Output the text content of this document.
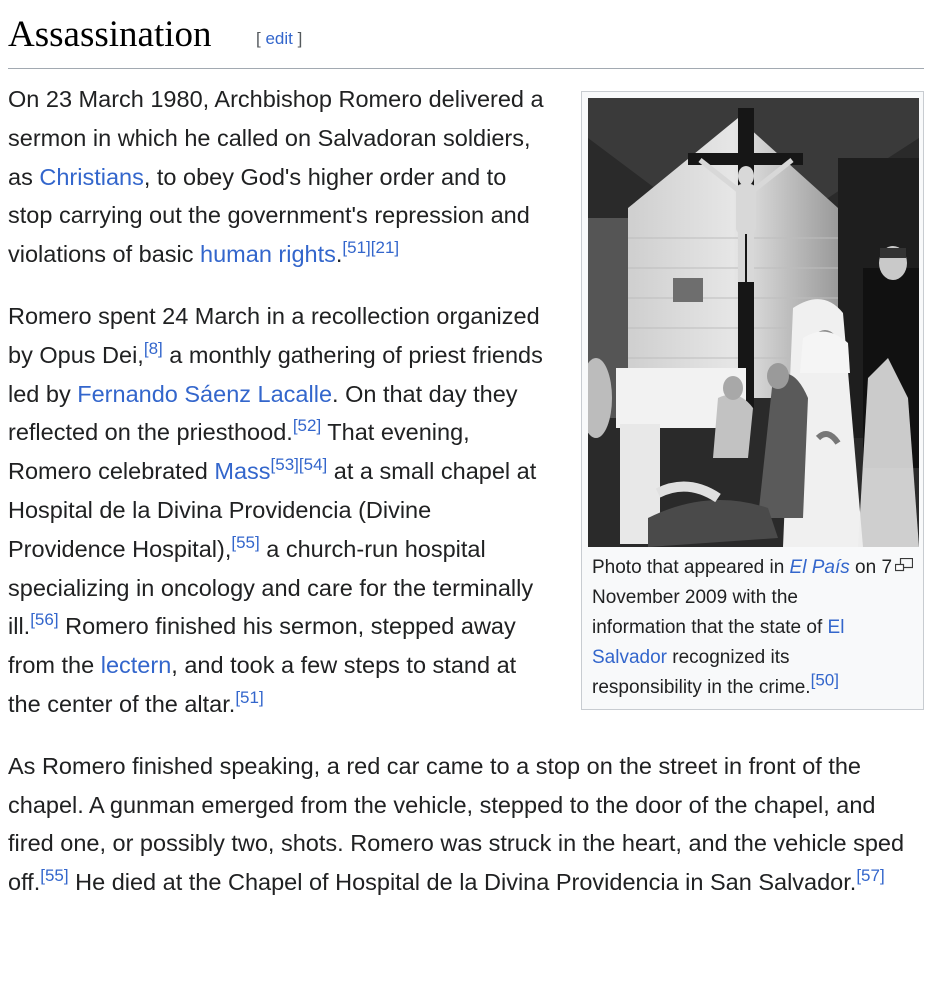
Assassination	[ edit ]
Photo that appeared in El País on 7 November 2009 with the information that the state of El Salvador recognized its responsibility in the crime.[50]

On 23 March 1980, Archbishop Romero delivered a sermon in which he called on Salvadoran soldiers, as Christians, to obey God's higher order and to stop carrying out the government's repression and violations of basic human rights.[51][21]

Romero spent 24 March in a recollection organized by Opus Dei,[8] a monthly gathering of priest friends led by Fernando Sáenz Lacalle. On that day they reflected on the priesthood.[52] That evening, Romero celebrated Mass[53][54] at a small chapel at Hospital de la Divina Providencia (Divine Providence Hospital),[55] a church-run hospital specializing in oncology and care for the terminally ill.[56] Romero finished his sermon, stepped away from the lectern, and took a few steps to stand at the center of the altar.[51]

As Romero finished speaking, a red car came to a stop on the street in front of the chapel. A gunman emerged from the vehicle, stepped to the door of the chapel, and fired one, or possibly two, shots. Romero was struck in the heart, and the vehicle sped off.[55] He died at the Chapel of Hospital de la Divina Providencia in San Salvador.[57]
